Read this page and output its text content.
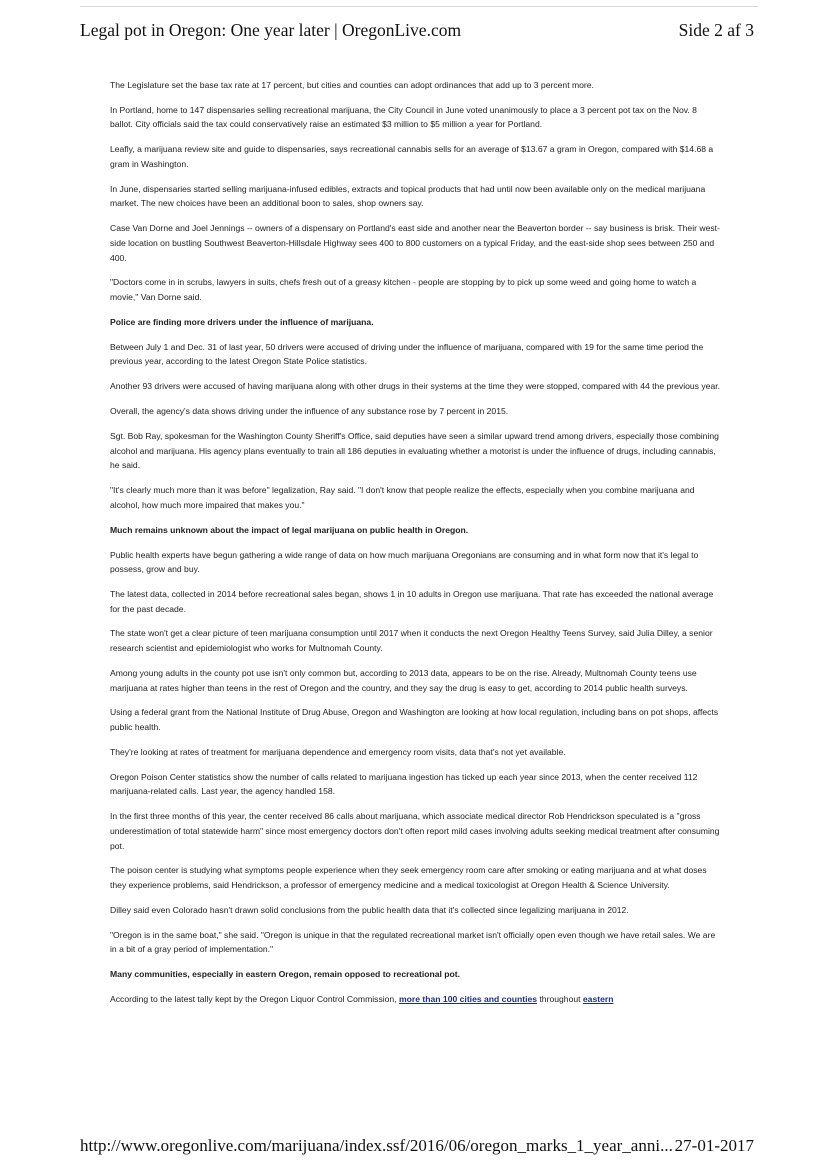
Legal pot in Oregon: One year later | OregonLive.com	Side 2 af 3

The Legislature set the base tax rate at 17 percent, but cities and counties can adopt ordinances that add up to 3 percent more.

In Portland, home to 147 dispensaries selling recreational marijuana, the City Council in June voted unanimously to place a 3 percent pot tax on the Nov. 8 ballot. City officials said the tax could conservatively raise an estimated $3 million to $5 million a year for Portland.

Leafly, a marijuana review site and guide to dispensaries, says recreational cannabis sells for an average of $13.67 a gram in Oregon, compared with $14.68 a gram in Washington.

In June, dispensaries started selling marijuana-infused edibles, extracts and topical products that had until now been available only on the medical marijuana market. The new choices have been an additional boon to sales, shop owners say.

Case Van Dorne and Joel Jennings -- owners of a dispensary on Portland's east side and another near the Beaverton border -- say business is brisk. Their west-side location on bustling Southwest Beaverton-Hillsdale Highway sees 400 to 800 customers on a typical Friday, and the east-side shop sees between 250 and 400.

"Doctors come in in scrubs, lawyers in suits, chefs fresh out of a greasy kitchen - people are stopping by to pick up some weed and going home to watch a movie," Van Dorne said.

Police are finding more drivers under the influence of marijuana.

Between July 1 and Dec. 31 of last year, 50 drivers were accused of driving under the influence of marijuana, compared with 19 for the same time period the previous year, according to the latest Oregon State Police statistics.

Another 93 drivers were accused of having marijuana along with other drugs in their systems at the time they were stopped, compared with 44 the previous year.

Overall, the agency's data shows driving under the influence of any substance rose by 7 percent in 2015.

Sgt. Bob Ray, spokesman for the Washington County Sheriff's Office, said deputies have seen a similar upward trend among drivers, especially those combining alcohol and marijuana. His agency plans eventually to train all 186 deputies in evaluating whether a motorist is under the influence of drugs, including cannabis, he said.

"It's clearly much more than it was before" legalization, Ray said. "I don't know that people realize the effects, especially when you combine marijuana and alcohol, how much more impaired that makes you."

Much remains unknown about the impact of legal marijuana on public health in Oregon.

Public health experts have begun gathering a wide range of data on how much marijuana Oregonians are consuming and in what form now that it's legal to possess, grow and buy.

The latest data, collected in 2014 before recreational sales began, shows 1 in 10 adults in Oregon use marijuana. That rate has exceeded the national average for the past decade.

The state won't get a clear picture of teen marijuana consumption until 2017 when it conducts the next Oregon Healthy Teens Survey, said Julia Dilley, a senior research scientist and epidemiologist who works for Multnomah County.

Among young adults in the county pot use isn't only common but, according to 2013 data, appears to be on the rise. Already, Multnomah County teens use marijuana at rates higher than teens in the rest of Oregon and the country, and they say the drug is easy to get, according to 2014 public health surveys.

Using a federal grant from the National Institute of Drug Abuse, Oregon and Washington are looking at how local regulation, including bans on pot shops, affects public health.

They're looking at rates of treatment for marijuana dependence and emergency room visits, data that's not yet available.

Oregon Poison Center statistics show the number of calls related to marijuana ingestion has ticked up each year since 2013, when the center received 112 marijuana-related calls. Last year, the agency handled 158.

In the first three months of this year, the center received 86 calls about marijuana, which associate medical director Rob Hendrickson speculated is a "gross underestimation of total statewide harm" since most emergency doctors don't often report mild cases involving adults seeking medical treatment after consuming pot.

The poison center is studying what symptoms people experience when they seek emergency room care after smoking or eating marijuana and at what doses they experience problems, said Hendrickson, a professor of emergency medicine and a medical toxicologist at Oregon Health & Science University.

Dilley said even Colorado hasn't drawn solid conclusions from the public health data that it's collected since legalizing marijuana in 2012.

"Oregon is in the same boat," she said. "Oregon is unique in that the regulated recreational market isn't officially open even though we have retail sales. We are in a bit of a gray period of implementation."

Many communities, especially in eastern Oregon, remain opposed to recreational pot.

According to the latest tally kept by the Oregon Liquor Control Commission, more than 100 cities and counties throughout eastern

http://www.oregonlive.com/marijuana/index.ssf/2016/06/oregon_marks_1_year_anni... 27-01-2017
